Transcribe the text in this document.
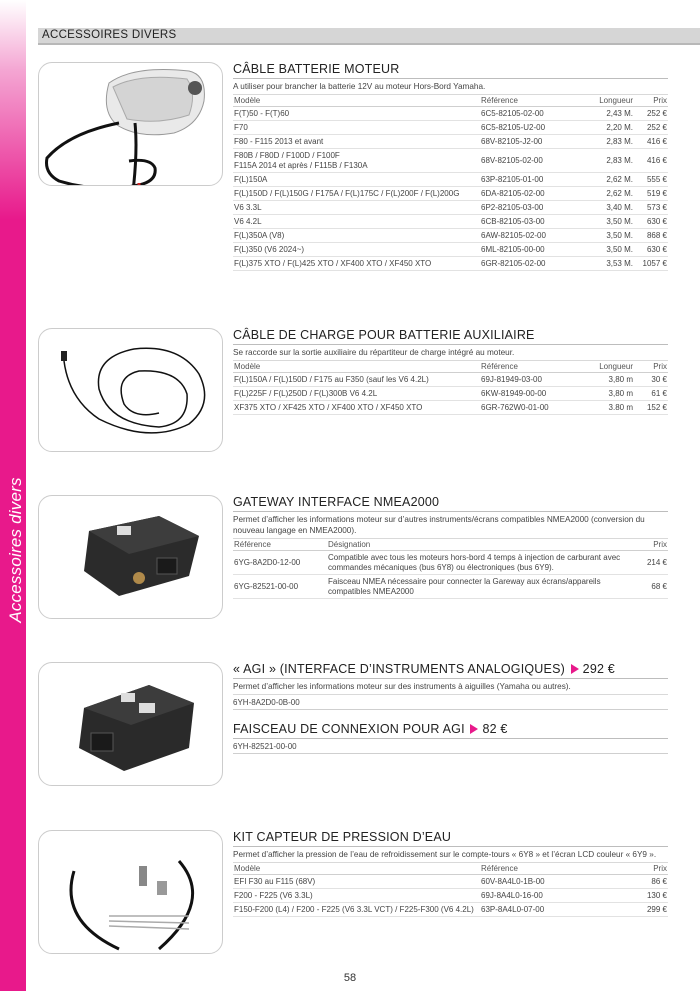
Accessoires divers
ACCESSOIRES DIVERS
CÂBLE BATTERIE MOTEUR
A utiliser pour brancher la batterie 12V au moteur Hors-Bord Yamaha.
Modèle	Référence	Longueur	Prix
F(T)50 - F(T)60	6C5-82105-02-00	2,43 M.	252 €
F70	6C5-82105-U2-00	2,20 M.	252 €
F80 - F115 2013 et avant	68V-82105-J2-00	2,83 M.	416 €

F80B / F80D / F100D / F100F
F115A 2014 et après / F115B / F130A	68V-82105-02-00	2,83 M.	416 €
F(L)150A	63P-82105-01-00	2,62 M.	555 €
F(L)150D / F(L)150G / F175A / F(L)175C / F(L)200F / F(L)200G	6DA-82105-02-00	2,62 M.	519 €
V6 3.3L	6P2-82105-03-00	3,40 M.	573 €
V6 4.2L	6CB-82105-03-00	3,50 M.	630 €
F(L)350A (V8)	6AW-82105-02-00	3,50 M.	868 €
F(L)350 (V6 2024~)	6ML-82105-00-00	3,50 M.	630 €
F(L)375 XTO / F(L)425 XTO / XF400 XTO / XF450 XTO	6GR-82105-02-00	3,53 M.	1057 €
CÂBLE DE CHARGE POUR BATTERIE AUXILIAIRE
Se raccorde sur la sortie auxiliaire du répartiteur de charge intégré au moteur.
Modèle	Référence	Longueur	Prix
F(L)150A / F(L)150D / F175 au F350 (sauf les V6 4.2L)	69J-81949-03-00	3,80 m	30 €
F(L)225F / F(L)250D / F(L)300B V6 4.2L	6KW-81949-00-00	3,80 m	61 €
XF375 XTO / XF425 XTO / XF400 XTO / XF450 XTO	6GR-762W0-01-00	3.80 m	152 €
GATEWAY INTERFACE NMEA2000
Permet d’afficher les informations moteur sur d’autres instruments/écrans compatibles NMEA2000 (conversion du nouveau langage en NMEA2000).
Référence	Désignation	Prix
6YG-8A2D0-12-00	Compatible avec tous les moteurs hors-bord 4 temps à injection de carburant avec commandes mécaniques (bus 6Y8) ou électroniques (bus 6Y9).	214 €
6YG-82521-00-00	Faisceau NMEA nécessaire pour connecter la Gareway aux écrans/appareils compatibles NMEA2000	68 €
« AGI » (INTERFACE D’INSTRUMENTS ANALOGIQUES) 292 €
Permet d’afficher les informations moteur sur des instruments à aiguilles (Yamaha ou autres).
6YH-8A2D0-0B-00
FAISCEAU DE CONNEXION POUR AGI 82 €
6YH-82521-00-00
KIT CAPTEUR DE PRESSION D’EAU
Permet d’afficher la pression de l’eau de refroidissement sur le compte-tours « 6Y8 » et l’écran LCD couleur « 6Y9 ».
Modèle	Référence	Prix
EFI F30 au F115 (68V)	60V-8A4L0-1B-00	86 €
F200 - F225 (V6 3.3L)	69J-8A4L0-16-00	130 €
F150-F200 (L4) / F200 - F225 (V6 3.3L VCT) / F225-F300 (V6 4.2L)	63P-8A4L0-07-00	299 €
58
